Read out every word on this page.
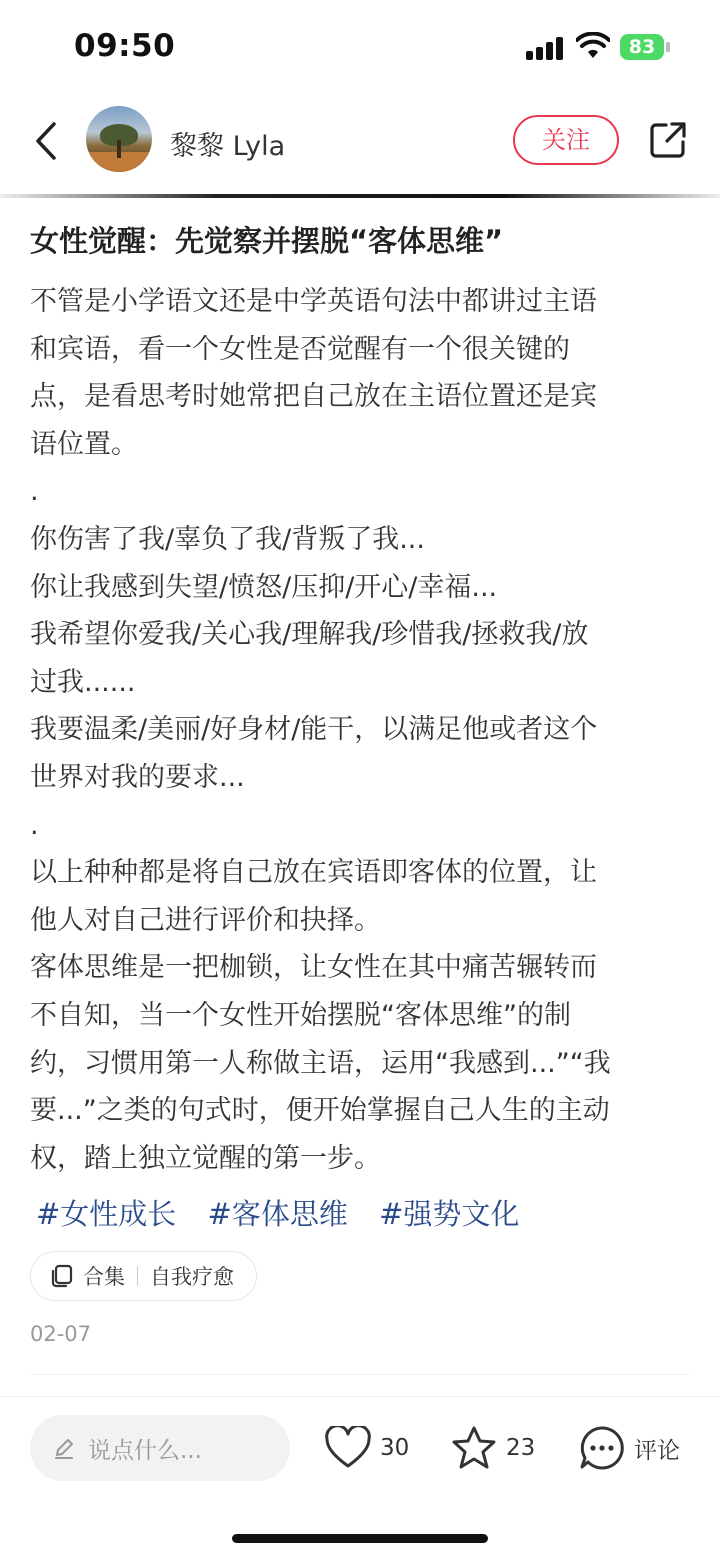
09:50	83
黎黎 Lyla	关注

女性觉醒：先觉察并摆脱“客体思维”

不管是小学语文还是中学英语句法中都讲过主语

和宾语，看一个女性是否觉醒有一个很关键的

点，是看思考时她常把自己放在主语位置还是宾

语位置。

.

你伤害了我/辜负了我/背叛了我...

你让我感到失望/愤怒/压抑/开心/幸福...

我希望你爱我/关心我/理解我/珍惜我/拯救我/放

过我......

我要温柔/美丽/好身材/能干，以满足他或者这个

世界对我的要求...

.

以上种种都是将自己放在宾语即客体的位置，让

他人对自己进行评价和抉择。

客体思维是一把枷锁，让女性在其中痛苦辗转而

不自知，当一个女性开始摆脱“客体思维”的制

约，习惯用第一人称做主语，运用“我感到...”“我

要...”之类的句式时，便开始掌握自己人生的主动

权，踏上独立觉醒的第一步。

#女性成长 #客体思维 #强势文化
合集 自我疗愈
02-07
说点什么...	30	23	评论
